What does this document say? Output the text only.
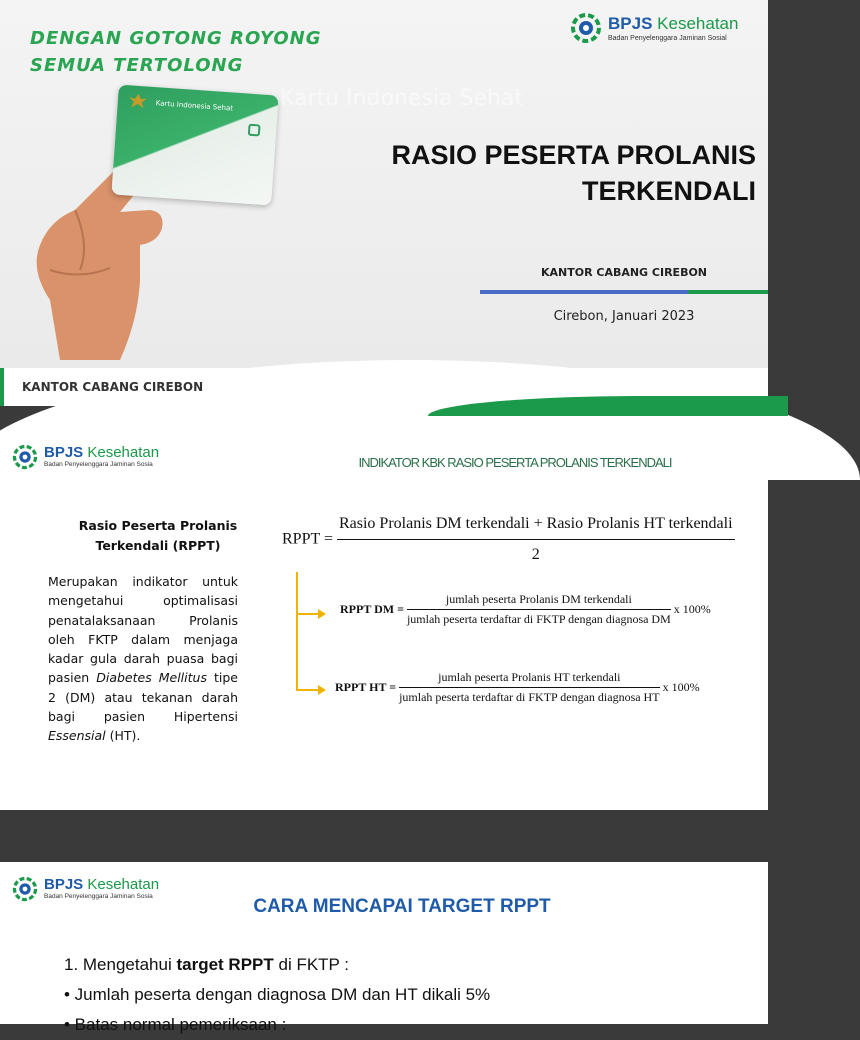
DENGAN GOTONG ROYONG
SEMUA TERTOLONG
Kartu Indonesia Sehat
Kartu Indonesia Sehat
BPJS Kesehatan
Badan Penyelenggara Jaminan Sosial
RASIO PESERTA PROLANIS
TERKENDALI
KANTOR CABANG CIREBON
Cirebon, Januari 2023
KANTOR CABANG CIREBON
BPJS Kesehatan
Badan Penyelenggara Jaminan Sosia	INDIKATOR KBK RASIO PESERTA PROLANIS TERKENDALI
Rasio Peserta Prolanis Terkendali (RPPT)
Merupakan indikator untuk mengetahui optimalisasi penatalaksanaan Prolanis oleh FKTP dalam menjaga kadar gula darah puasa bagi pasien Diabetes Mellitus tipe 2 (DM) atau tekanan darah bagi pasien Hipertensi Essensial (HT).
RPPT = $\frac{\text{Rasio Prolanis DM terkendali + Rasio Prolanis HT terkendali}}{2}$
RPPT DM = $\frac{\text{jumlah peserta Prolanis DM terkendali}}{\text{jumlah peserta terdaftar di FKTP dengan diagnosa DM}}$ x 100%
RPPT HT = $\frac{\text{jumlah peserta Prolanis HT terkendali}}{\text{jumlah peserta terdaftar di FKTP dengan diagnosa HT}}$ x 100%
BPJS Kesehatan
Badan Penyelenggara Jaminan Sosia	CARA MENCAPAI TARGET RPPT
1. Mengetahui target RPPT di FKTP :
• Jumlah peserta dengan diagnosa DM dan HT dikali 5%
• Batas normal pemeriksaan :
